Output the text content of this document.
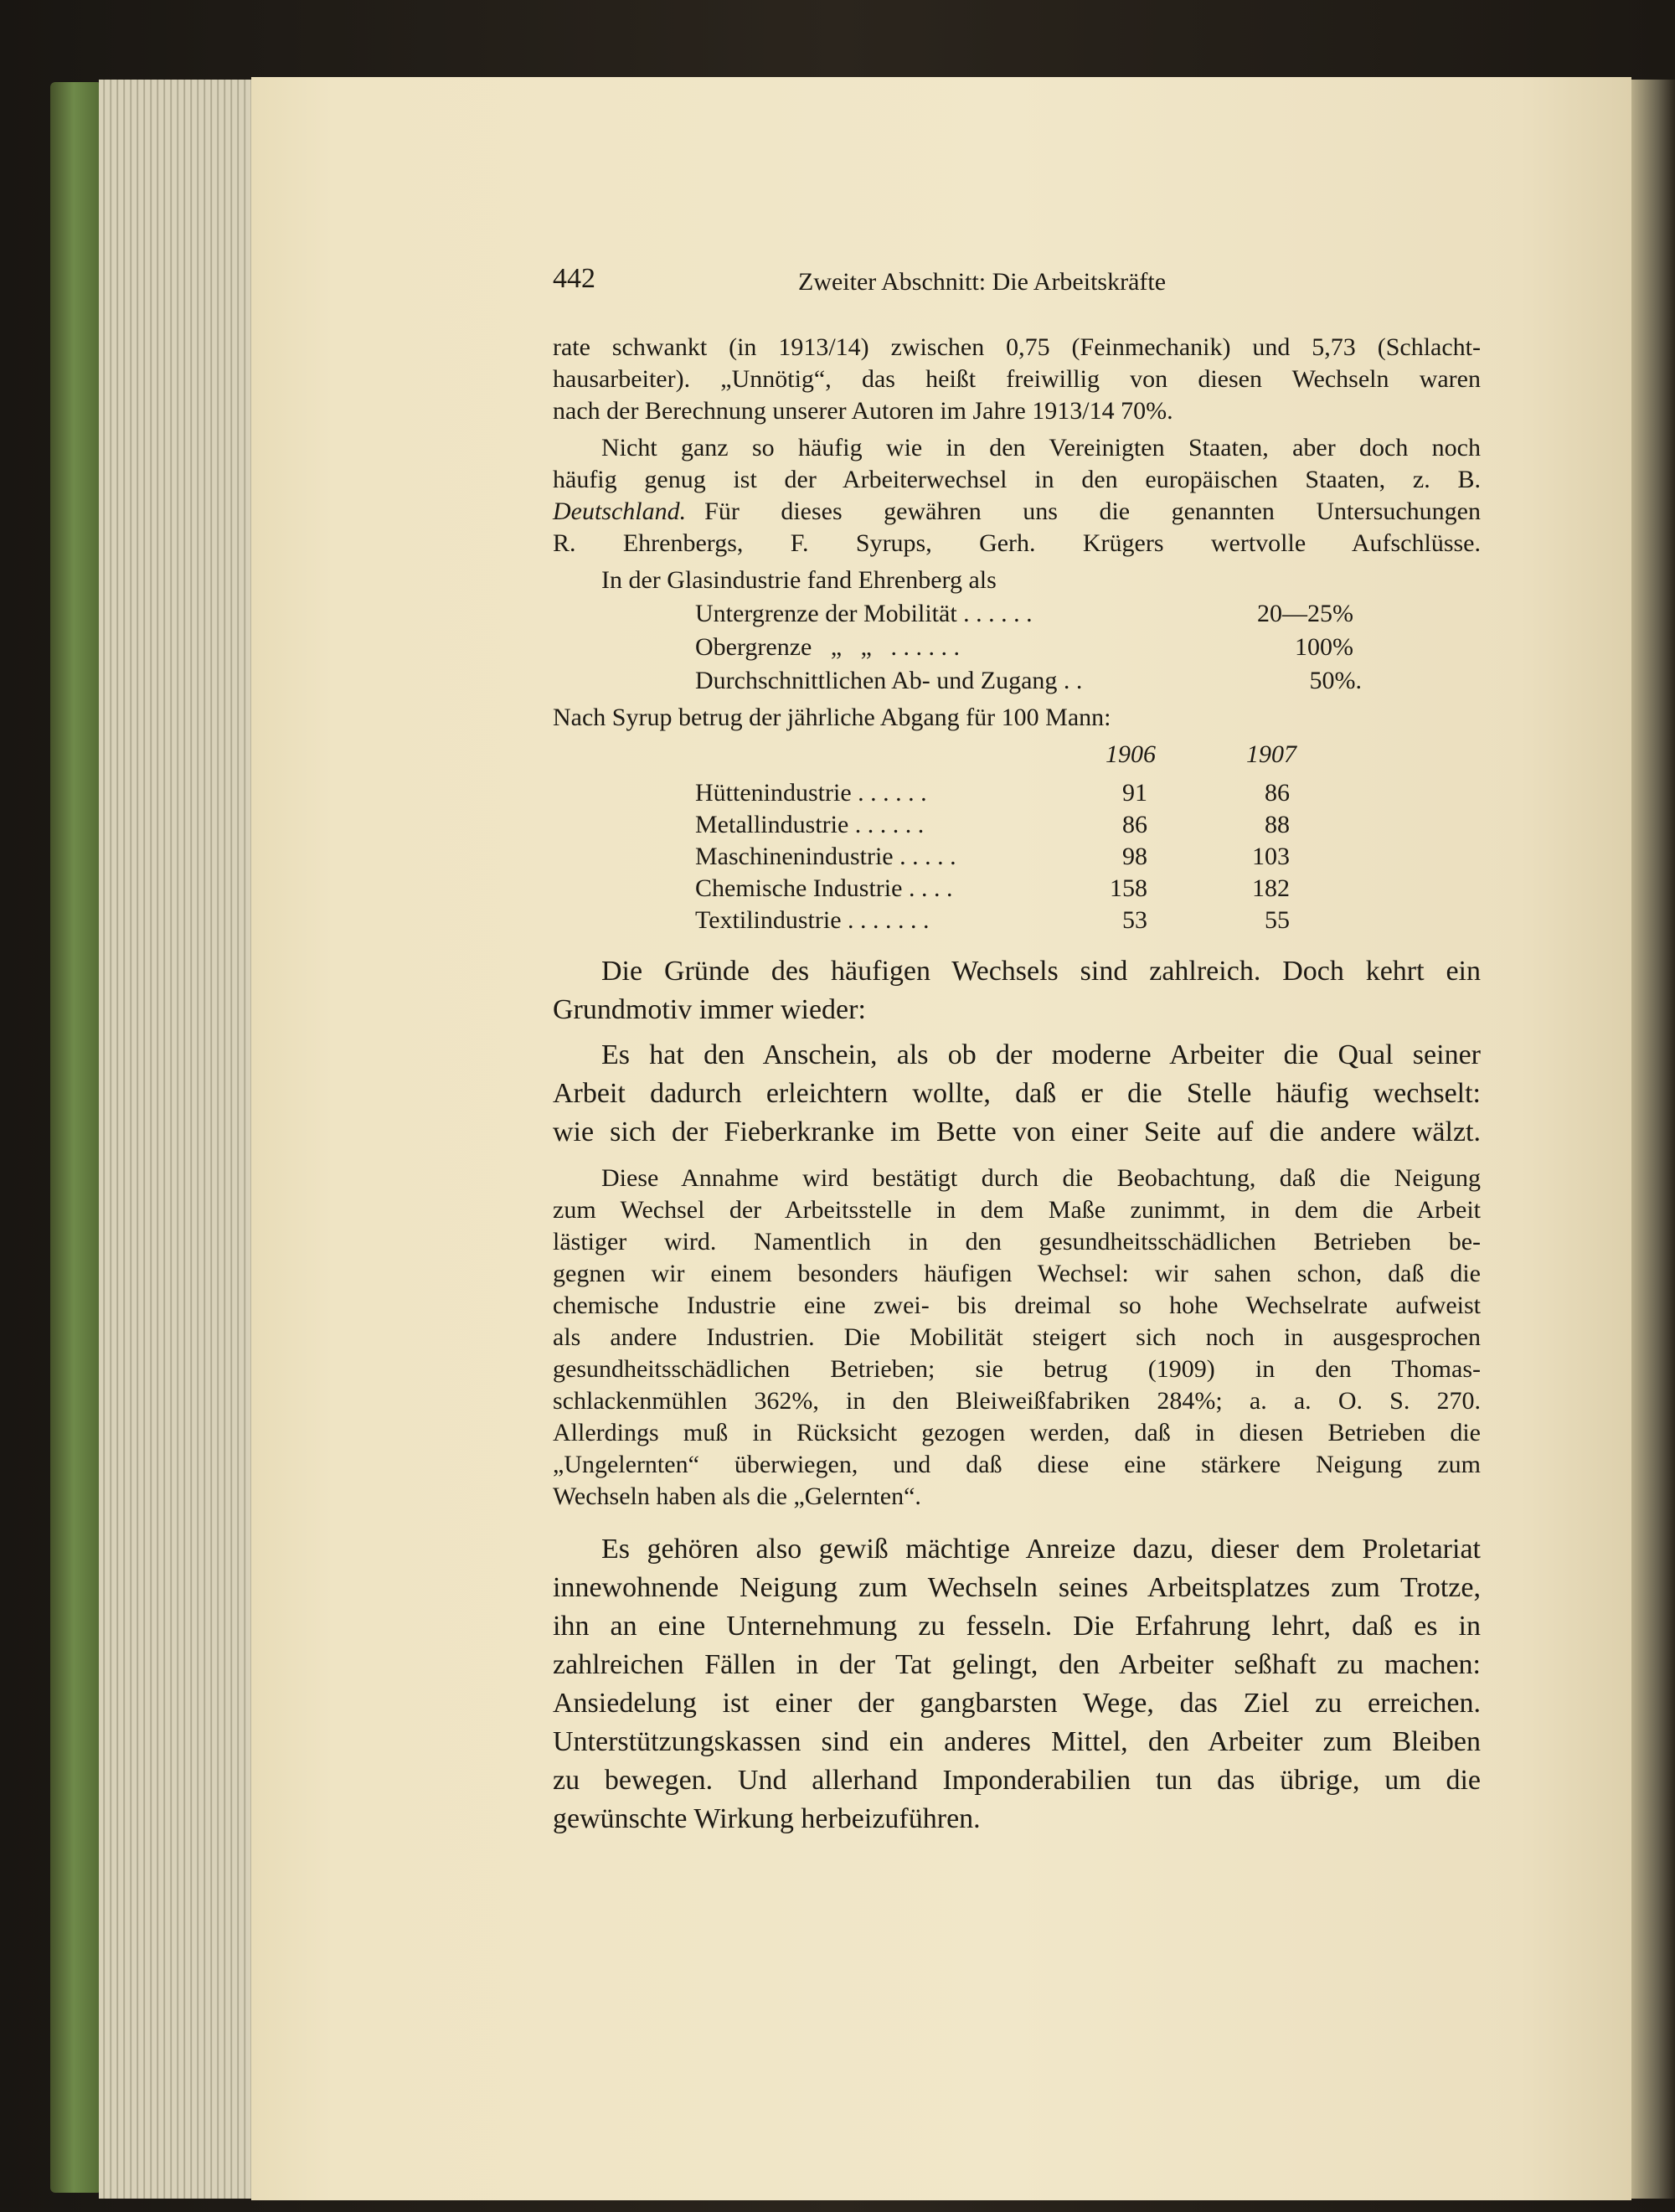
442	Zweiter Abschnitt: Die Arbeitskräfte
rate schwankt (in 1913/14) zwischen 0,75 (Feinmechanik) und 5,73 (Schlacht-
hausarbeiter). „Unnötig“, das heißt freiwillig von diesen Wechseln waren
nach der Berechnung unserer Autoren im Jahre 1913/14 70%.
Nicht ganz so häufig wie in den Vereinigten Staaten, aber doch noch
häufig genug ist der Arbeiterwechsel in den europäischen Staaten, z. B.
Deutschland. Für dieses gewähren uns die genannten Untersuchungen
R. Ehrenbergs, F. Syrups, Gerh. Krügers wertvolle Aufschlüsse.
In der Glasindustrie fand Ehrenberg als
Untergrenze der Mobilität . . . . . .	20—25%
Obergrenze   „   „   . . . . . .	100%
Durchschnittlichen Ab- und Zugang . .	50%.
Nach Syrup betrug der jährliche Abgang für 100 Mann:
1906	1907
Hüttenindustrie . . . . . .	91	86
Metallindustrie . . . . . .	86	88
Maschinenindustrie . . . . .	98	103
Chemische Industrie . . . .	158	182
Textilindustrie . . . . . . .	53	55
Die Gründe des häufigen Wechsels sind zahlreich. Doch kehrt ein
Grundmotiv immer wieder:
Es hat den Anschein, als ob der moderne Arbeiter die Qual seiner
Arbeit dadurch erleichtern wollte, daß er die Stelle häufig wechselt:
wie sich der Fieberkranke im Bette von einer Seite auf die andere wälzt.
Diese Annahme wird bestätigt durch die Beobachtung, daß die Neigung
zum Wechsel der Arbeitsstelle in dem Maße zunimmt, in dem die Arbeit
lästiger wird. Namentlich in den gesundheitsschädlichen Betrieben be-
gegnen wir einem besonders häufigen Wechsel: wir sahen schon, daß die
chemische Industrie eine zwei- bis dreimal so hohe Wechselrate aufweist
als andere Industrien. Die Mobilität steigert sich noch in ausgesprochen
gesundheitsschädlichen Betrieben; sie betrug (1909) in den Thomas-
schlackenmühlen 362%, in den Bleiweißfabriken 284%; a. a. O. S. 270.
Allerdings muß in Rücksicht gezogen werden, daß in diesen Betrieben die
„Ungelernten“ überwiegen, und daß diese eine stärkere Neigung zum
Wechseln haben als die „Gelernten“.
Es gehören also gewiß mächtige Anreize dazu, dieser dem Proletariat
innewohnende Neigung zum Wechseln seines Arbeitsplatzes zum Trotze,
ihn an eine Unternehmung zu fesseln. Die Erfahrung lehrt, daß es in
zahlreichen Fällen in der Tat gelingt, den Arbeiter seßhaft zu machen:
Ansiedelung ist einer der gangbarsten Wege, das Ziel zu erreichen.
Unterstützungskassen sind ein anderes Mittel, den Arbeiter zum Bleiben
zu bewegen. Und allerhand Imponderabilien tun das übrige, um die
gewünschte Wirkung herbeizuführen.
